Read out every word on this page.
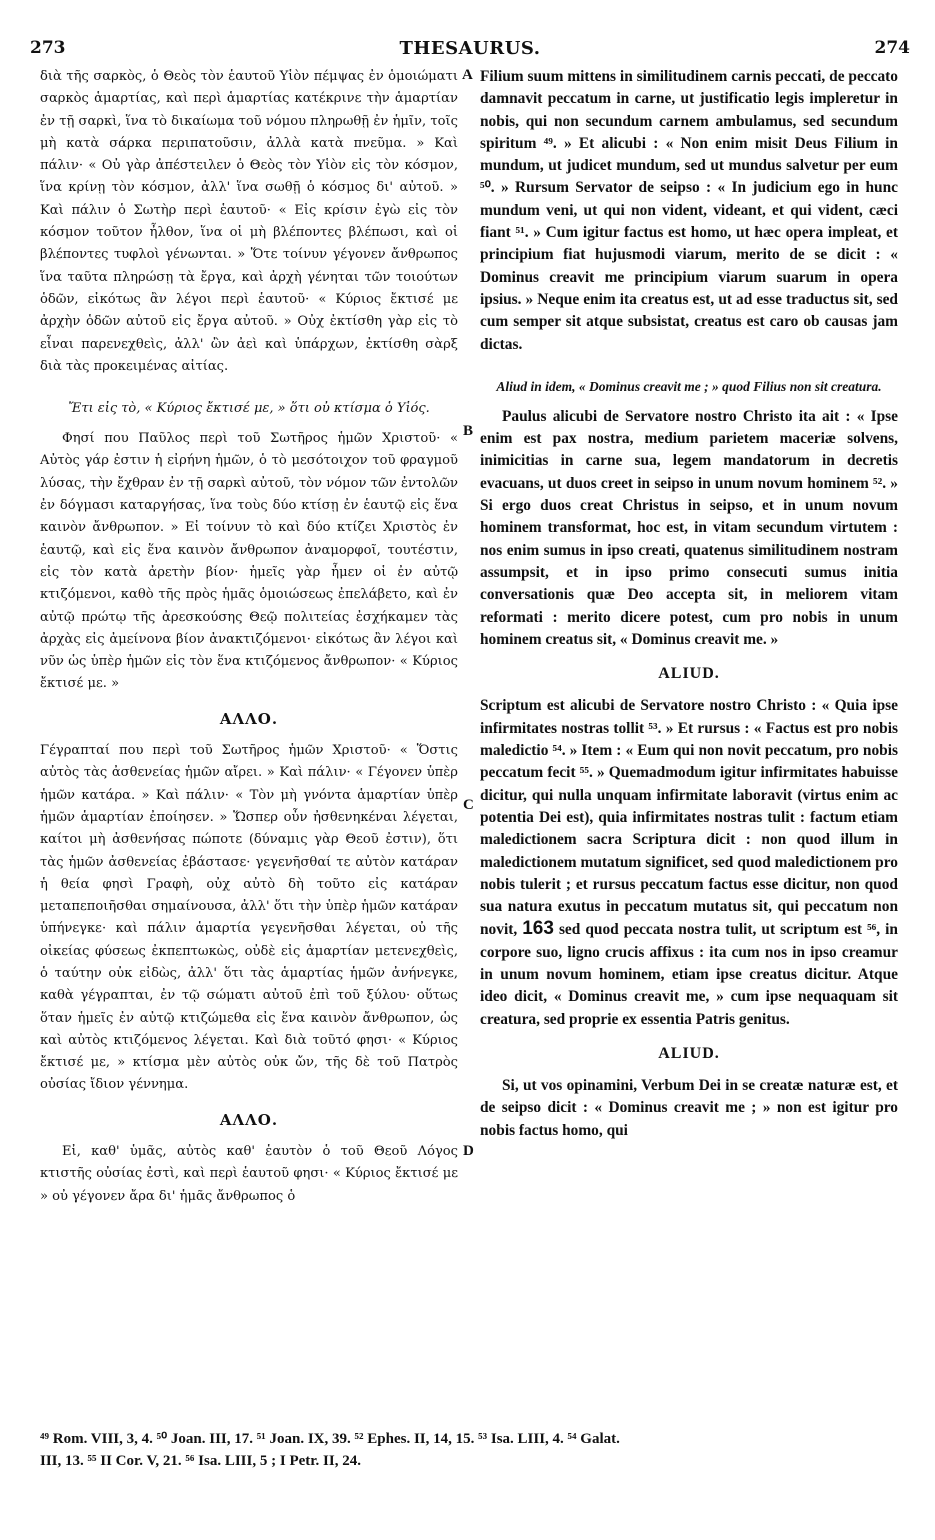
273	THESAURUS.	274

διὰ τῆς σαρκὸς, ὁ Θεὸς τὸν ἑαυτοῦ Υἱὸν πέμψας ἐν ὁμοιώματι σαρκὸς ἁμαρτίας, καὶ περὶ ἁμαρτίας κατέκρινε τὴν ἁμαρτίαν ἐν τῇ σαρκὶ, ἵνα τὸ δικαίωμα τοῦ νόμου πληρωθῇ ἐν ἡμῖν, τοῖς μὴ κατὰ σάρκα περιπατοῦσιν, ἀλλὰ κατὰ πνεῦμα. » Καὶ πάλιν· « Οὐ γὰρ ἀπέστειλεν ὁ Θεὸς τὸν Υἱὸν εἰς τὸν κόσμον, ἵνα κρίνῃ τὸν κόσμον, ἀλλ' ἵνα σωθῇ ὁ κόσμος δι' αὐτοῦ. » Καὶ πάλιν ὁ Σωτὴρ περὶ ἑαυτοῦ· « Εἰς κρίσιν ἐγὼ εἰς τὸν κόσμον τοῦτον ἦλθον, ἵνα οἱ μὴ βλέποντες βλέπωσι, καὶ οἱ βλέποντες τυφλοὶ γένωνται. » Ὅτε τοίνυν γέγονεν ἄνθρωπος ἵνα ταῦτα πληρώσῃ τὰ ἔργα, καὶ ἀρχὴ γένηται τῶν τοιούτων ὁδῶν, εἰκότως ἂν λέγοι περὶ ἑαυτοῦ· « Κύριος ἔκτισέ με ἀρχὴν ὁδῶν αὐτοῦ εἰς ἔργα αὐτοῦ. » Οὐχ ἐκτίσθη γὰρ εἰς τὸ εἶναι παρενεχθεὶς, ἀλλ' ὢν ἀεὶ καὶ ὑπάρχων, ἐκτίσθη σὰρξ διὰ τὰς προκειμένας αἰτίας.

Ἔτι εἰς τὸ, « Κύριος ἔκτισέ με, » ὅτι οὐ κτίσμα ὁ Υἱός.

Φησί που Παῦλος περὶ τοῦ Σωτῆρος ἡμῶν Χριστοῦ· « Αὐτὸς γάρ ἐστιν ἡ εἰρήνη ἡμῶν, ὁ τὸ μεσότοιχον τοῦ φραγμοῦ λύσας, τὴν ἔχθραν ἐν τῇ σαρκὶ αὐτοῦ, τὸν νόμον τῶν ἐντολῶν ἐν δόγμασι καταργήσας, ἵνα τοὺς δύο κτίσῃ ἐν ἑαυτῷ εἰς ἕνα καινὸν ἄνθρωπον. » Εἰ τοίνυν τὸ καὶ δύο κτίζει Χριστὸς ἐν ἑαυτῷ, καὶ εἰς ἕνα καινὸν ἄνθρωπον ἀναμορφοῖ, τουτέστιν, εἰς τὸν κατὰ ἀρετὴν βίον· ἡμεῖς γὰρ ἦμεν οἱ ἐν αὐτῷ κτιζόμενοι, καθὸ τῆς πρὸς ἡμᾶς ὁμοιώσεως ἐπελάβετο, καὶ ἐν αὐτῷ πρώτῳ τῆς ἀρεσκούσης Θεῷ πολιτείας ἐσχήκαμεν τὰς ἀρχὰς εἰς ἀμείνονα βίον ἀνακτιζόμενοι· εἰκότως ἂν λέγοι καὶ νῦν ὡς ὑπὲρ ἡμῶν εἰς τὸν ἕνα κτιζόμενος ἄνθρωπον· « Κύριος ἔκτισέ με. »

ΑΛΛΟ.

Γέγραπταί που περὶ τοῦ Σωτῆρος ἡμῶν Χριστοῦ· « Ὅστις αὐτὸς τὰς ἀσθενείας ἡμῶν αἴρει. » Καὶ πάλιν· « Γέγονεν ὑπὲρ ἡμῶν κατάρα. » Καὶ πάλιν· « Τὸν μὴ γνόντα ἁμαρτίαν ὑπὲρ ἡμῶν ἁμαρτίαν ἐποίησεν. » Ὥσπερ οὖν ἠσθενηκέναι λέγεται, καίτοι μὴ ἀσθενήσας πώποτε (δύναμις γὰρ Θεοῦ ἐστιν), ὅτι τὰς ἡμῶν ἀσθενείας ἐβάστασε· γεγενῆσθαί τε αὐτὸν κατάραν ἡ θεία φησὶ Γραφὴ, οὐχ αὐτὸ δὴ τοῦτο εἰς κατάραν μεταπεποιῆσθαι σημαίνουσα, ἀλλ' ὅτι τὴν ὑπὲρ ἡμῶν κατάραν ὑπήνεγκε· καὶ πάλιν ἁμαρτία γεγενῆσθαι λέγεται, οὐ τῆς οἰκείας φύσεως ἐκπεπτωκὼς, οὐδὲ εἰς ἁμαρτίαν μετενεχθεὶς, ὁ ταύτην οὐκ εἰδὼς, ἀλλ' ὅτι τὰς ἁμαρτίας ἡμῶν ἀνήνεγκε, καθὰ γέγραπται, ἐν τῷ σώματι αὐτοῦ ἐπὶ τοῦ ξύλου· οὕτως ὅταν ἡμεῖς ἐν αὐτῷ κτιζώμεθα εἰς ἕνα καινὸν ἄνθρωπον, ὡς καὶ αὐτὸς κτιζόμενος λέγεται. Καὶ διὰ τοῦτό φησι· « Κύριος ἔκτισέ με, » κτίσμα μὲν αὐτὸς οὐκ ὤν, τῆς δὲ τοῦ Πατρὸς οὐσίας ἴδιον γέννημα.

ΑΛΛΟ.

Εἰ, καθ' ὑμᾶς, αὐτὸς καθ' ἑαυτὸν ὁ τοῦ Θεοῦ Λόγος κτιστῆς οὐσίας ἐστὶ, καὶ περὶ ἑαυτοῦ φησι· « Κύριος ἔκτισέ με » οὐ γέγονεν ἄρα δι' ἡμᾶς ἄνθρωπος ὁ

Filium suum mittens in similitudinem carnis peccati, de peccato damnavit peccatum in carne, ut justificatio legis impleretur in nobis, qui non secundum carnem ambulamus, sed secundum spiritum ⁴⁹. » Et alicubi : « Non enim misit Deus Filium in mundum, ut judicet mundum, sed ut mundus salvetur per eum ⁵⁰. » Rursum Servator de seipso : « In judicium ego in hunc mundum veni, ut qui non vident, videant, et qui vident, cæci fiant ⁵¹. » Cum igitur factus est homo, ut hæc opera impleat, et principium fiat hujusmodi viarum, merito de se dicit : « Dominus creavit me principium viarum suarum in opera ipsius. » Neque enim ita creatus est, ut ad esse traductus sit, sed cum semper sit atque subsistat, creatus est caro ob causas jam dictas.

Aliud in idem, « Dominus creavit me ; » quod Filius non sit creatura.

Paulus alicubi de Servatore nostro Christo ita ait : « Ipse enim est pax nostra, medium parietem maceriæ solvens, inimicitias in carne sua, legem mandatorum in decretis evacuans, ut duos creet in seipso in unum novum hominem ⁵². » Si ergo duos creat Christus in seipso, et in unum novum hominem transformat, hoc est, in vitam secundum virtutem : nos enim sumus in ipso creati, quatenus similitudinem nostram assumpsit, et in ipso primo consecuti sumus initia conversationis quæ Deo accepta sit, in meliorem vitam reformati : merito dicere potest, cum pro nobis in unum hominem creatus sit, « Dominus creavit me. »

ALIUD.

Scriptum est alicubi de Servatore nostro Christo : « Quia ipse infirmitates nostras tollit ⁵³. » Et rursus : « Factus est pro nobis maledictio ⁵⁴. » Item : « Eum qui non novit peccatum, pro nobis peccatum fecit ⁵⁵. » Quemadmodum igitur infirmitates habuisse dicitur, qui nulla unquam infirmitate laboravit (virtus enim ac potentia Dei est), quia infirmitates nostras tulit : factum etiam maledictionem sacra Scriptura dicit : non quod illum in maledictionem mutatum significet, sed quod maledictionem pro nobis tulerit ; et rursus peccatum factus esse dicitur, non quod sua natura exutus in peccatum mutatus sit, qui peccatum non novit, 163 sed quod peccata nostra tulit, ut scriptum est ⁵⁶, in corpore suo, ligno crucis affixus : ita cum nos in ipso creamur in unum novum hominem, etiam ipse creatus dicitur. Atque ideo dicit, « Dominus creavit me, » cum ipse nequaquam sit creatura, sed proprie ex essentia Patris genitus.

ALIUD.

Si, ut vos opinamini, Verbum Dei in se creatæ naturæ est, et de seipso dicit : « Dominus creavit me ; » non est igitur pro nobis factus homo, qui

A
B
C
D

⁴⁹ Rom. VIII, 3, 4. ⁵⁰ Joan. III, 17. ⁵¹ Joan. IX, 39. ⁵² Ephes. II, 14, 15. ⁵³ Isa. LIII, 4. ⁵⁴ Galat.

III, 13. ⁵⁵ II Cor. V, 21. ⁵⁶ Isa. LIII, 5 ; I Petr. II, 24.
